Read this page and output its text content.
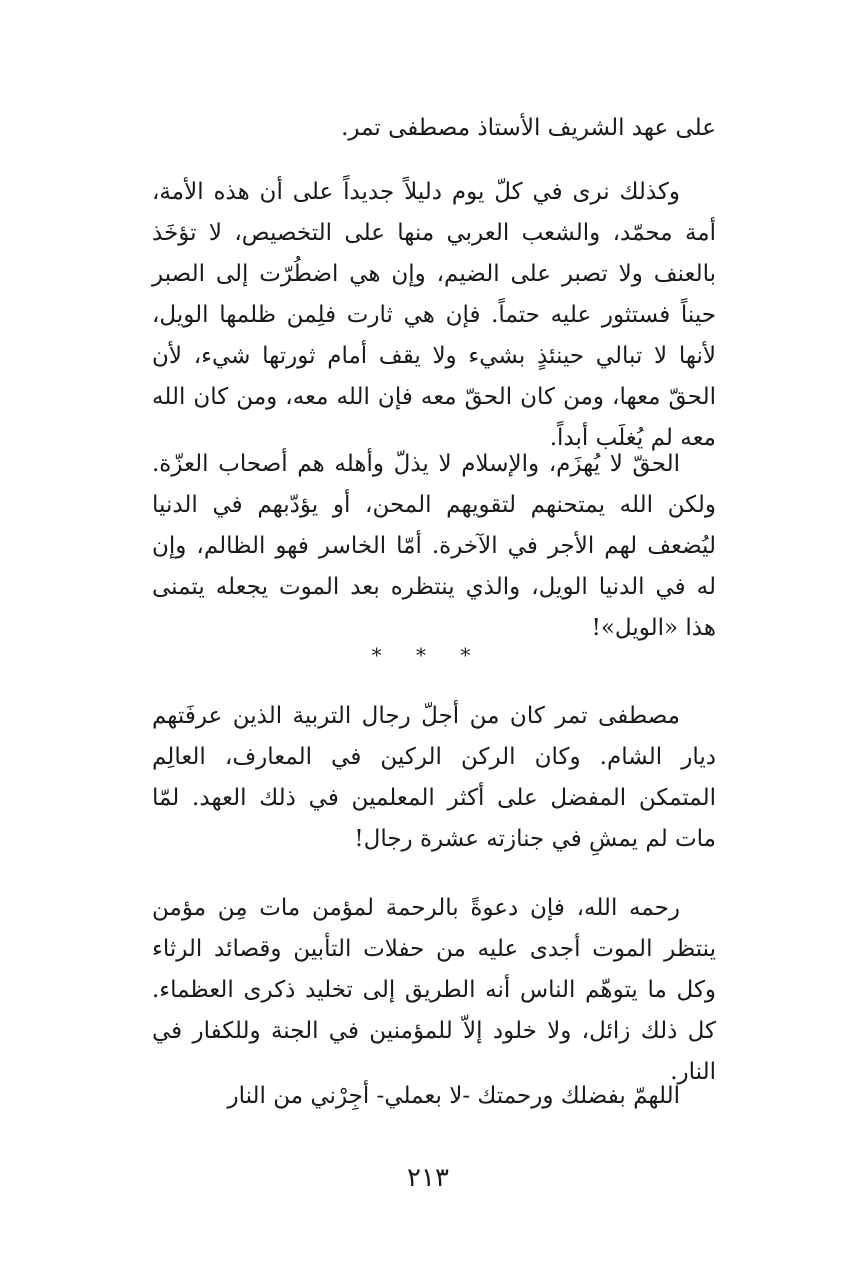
على عهد الشريف الأستاذ مصطفى تمر.

وكذلك نرى في كلّ يوم دليلاً جديداً على أن هذه الأمة، أمة محمّد، والشعب العربي منها على التخصيص، لا تؤخَذ بالعنف ولا تصبر على الضيم، وإن هي اضطُرّت إلى الصبر حيناً فستثور عليه حتماً. فإن هي ثارت فلِمن ظلمها الويل، لأنها لا تبالي حينئذٍ بشيء ولا يقف أمام ثورتها شيء، لأن الحقّ معها، ومن كان الحقّ معه فإن الله معه، ومن كان الله معه لم يُغلَب أبداً.

الحقّ لا يُهزَم، والإسلام لا يذلّ وأهله هم أصحاب العزّة. ولكن الله يمتحنهم لتقويهم المحن، أو يؤدّبهم في الدنيا ليُضعف لهم الأجر في الآخرة. أمّا الخاسر فهو الظالم، وإن له في الدنيا الويل، والذي ينتظره بعد الموت يجعله يتمنى هذا «الويل»!

* * *

مصطفى تمر كان من أجلّ رجال التربية الذين عرفَتهم ديار الشام. وكان الركن الركين في المعارف، العالِم المتمكن المفضل على أكثر المعلمين في ذلك العهد. لمّا مات لم يمشِ في جنازته عشرة رجال!

رحمه الله، فإن دعوةً بالرحمة لمؤمن مات مِن مؤمن ينتظر الموت أجدى عليه من حفلات التأبين وقصائد الرثاء وكل ما يتوهّم الناس أنه الطريق إلى تخليد ذكرى العظماء. كل ذلك زائل، ولا خلود إلاّ للمؤمنين في الجنة وللكفار في النار.

اللهمّ بفضلك ورحمتك -لا بعملي- أجِرْني من النار

٢١٣
